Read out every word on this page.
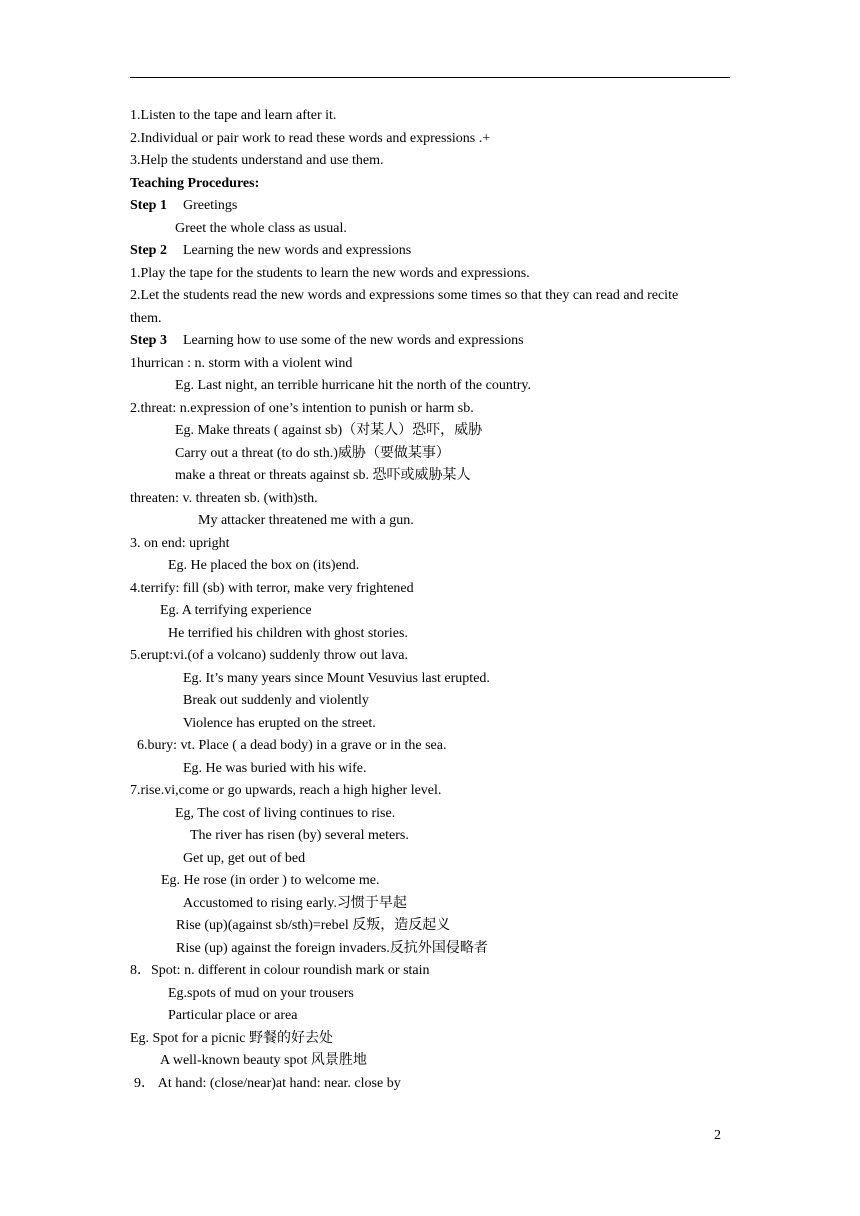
1.Listen to the tape and learn after it.
2.Individual or pair work to read these words and expressions .+
3.Help the students understand and use them.
Teaching Procedures:
Step 1 Greetings
Greet the whole class as usual.
Step 2 Learning the new words and expressions
1.Play the tape for the students to learn the new words and expressions.
2.Let the students read the new words and expressions some times so that they can read and recite
them.
Step 3 Learning how to use some of the new words and expressions
1hurrican : n. storm with a violent wind
Eg. Last night, an terrible hurricane hit the north of the country.
2.threat: n.expression of one’s intention to punish or harm sb.
Eg. Make threats ( against sb)（对某人）恐吓，威胁
Carry out a threat (to do sth.)威胁（要做某事）
make a threat or threats against sb. 恐吓或威胁某人
threaten: v. threaten sb. (with)sth.
My attacker threatened me with a gun.
3. on end: upright
Eg. He placed the box on (its)end.
4.terrify: fill (sb) with terror, make very frightened
Eg. A terrifying experience
He terrified his children with ghost stories.
5.erupt:vi.(of a volcano) suddenly throw out lava.
Eg. It’s many years since Mount Vesuvius last erupted.
Break out suddenly and violently
Violence has erupted on the street.
6.bury: vt. Place ( a dead body) in a grave or in the sea.
Eg. He was buried with his wife.
7.rise.vi,come or go upwards, reach a high higher level.
Eg, The cost of living continues to rise.
The river has risen (by) several meters.
Get up, get out of bed
Eg. He rose (in order ) to welcome me.
Accustomed to rising early.习惯于早起
Rise (up)(against sb/sth)=rebel 反叛，造反起义
Rise (up) against the foreign invaders.反抗外国侵略者
8．Spot: n. different in colour roundish mark or stain
Eg.spots of mud on your trousers
Particular place or area
Eg. Spot for a picnic 野餐的好去处
A well-known beauty spot 风景胜地
9． At hand: (close/near)at hand: near. close by
2
